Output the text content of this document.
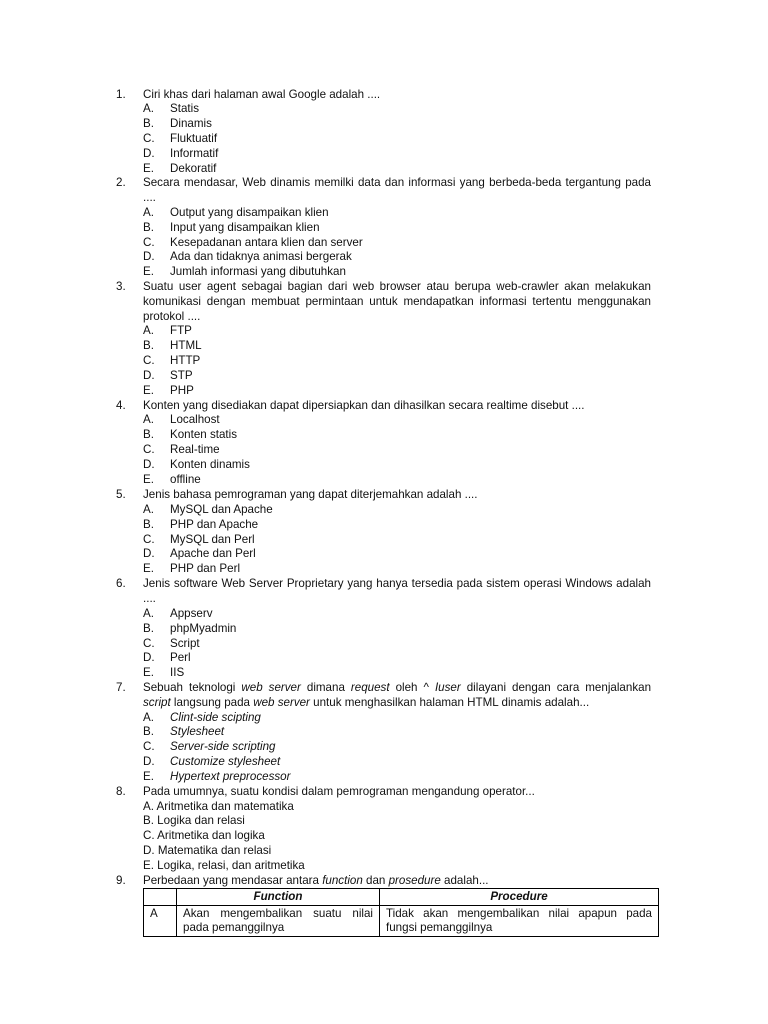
1. Ciri khas dari halaman awal Google adalah ....
A. Statis
B. Dinamis
C. Fluktuatif
D. Informatif
E. Dekoratif
2. Secara mendasar, Web dinamis memilki data dan informasi yang berbeda-beda tergantung pada
....
A. Output yang disampaikan klien
B. Input yang disampaikan klien
C. Kesepadanan antara klien dan server
D. Ada dan tidaknya animasi bergerak
E. Jumlah informasi yang dibutuhkan
3. Suatu user agent sebagai bagian dari web browser atau berupa web-crawler akan melakukan
komunikasi dengan membuat permintaan untuk mendapatkan informasi tertentu menggunakan
protokol ....
A. FTP
B. HTML
C. HTTP
D. STP
E. PHP
4. Konten yang disediakan dapat dipersiapkan dan dihasilkan secara realtime disebut ....
A. Localhost
B. Konten statis
C. Real-time
D. Konten dinamis
E. offline
5. Jenis bahasa pemrograman yang dapat diterjemahkan adalah ....
A. MySQL dan Apache
B. PHP dan Apache
C. MySQL dan Perl
D. Apache dan Perl
E. PHP dan Perl
6. Jenis software Web Server Proprietary yang hanya tersedia pada sistem operasi Windows adalah
....
A. Appserv
B. phpMyadmin
C. Script
D. Perl
E. IIS
7. Sebuah teknologi web server dimana request oleh ^ Iuser dilayani dengan cara menjalankan
script langsung pada web server untuk menghasilkan halaman HTML dinamis adalah...
A. Clint-side scipting
B. Stylesheet
C. Server-side scripting
D. Customize stylesheet
E. Hypertext preprocessor
8. Pada umumnya, suatu kondisi dalam pemrograman mengandung operator...
A. Aritmetika dan matematika
B. Logika dan relasi
C. Aritmetika dan logika
D. Matematika dan relasi
E. Logika, relasi, dan aritmetika
9. Perbedaan yang mendasar antara function dan prosedure adalah...
	Function	Procedure
A	Akan mengembalikan suatu nilai pada pemanggilnya	Tidak akan mengembalikan nilai apapun pada fungsi pemanggilnya
